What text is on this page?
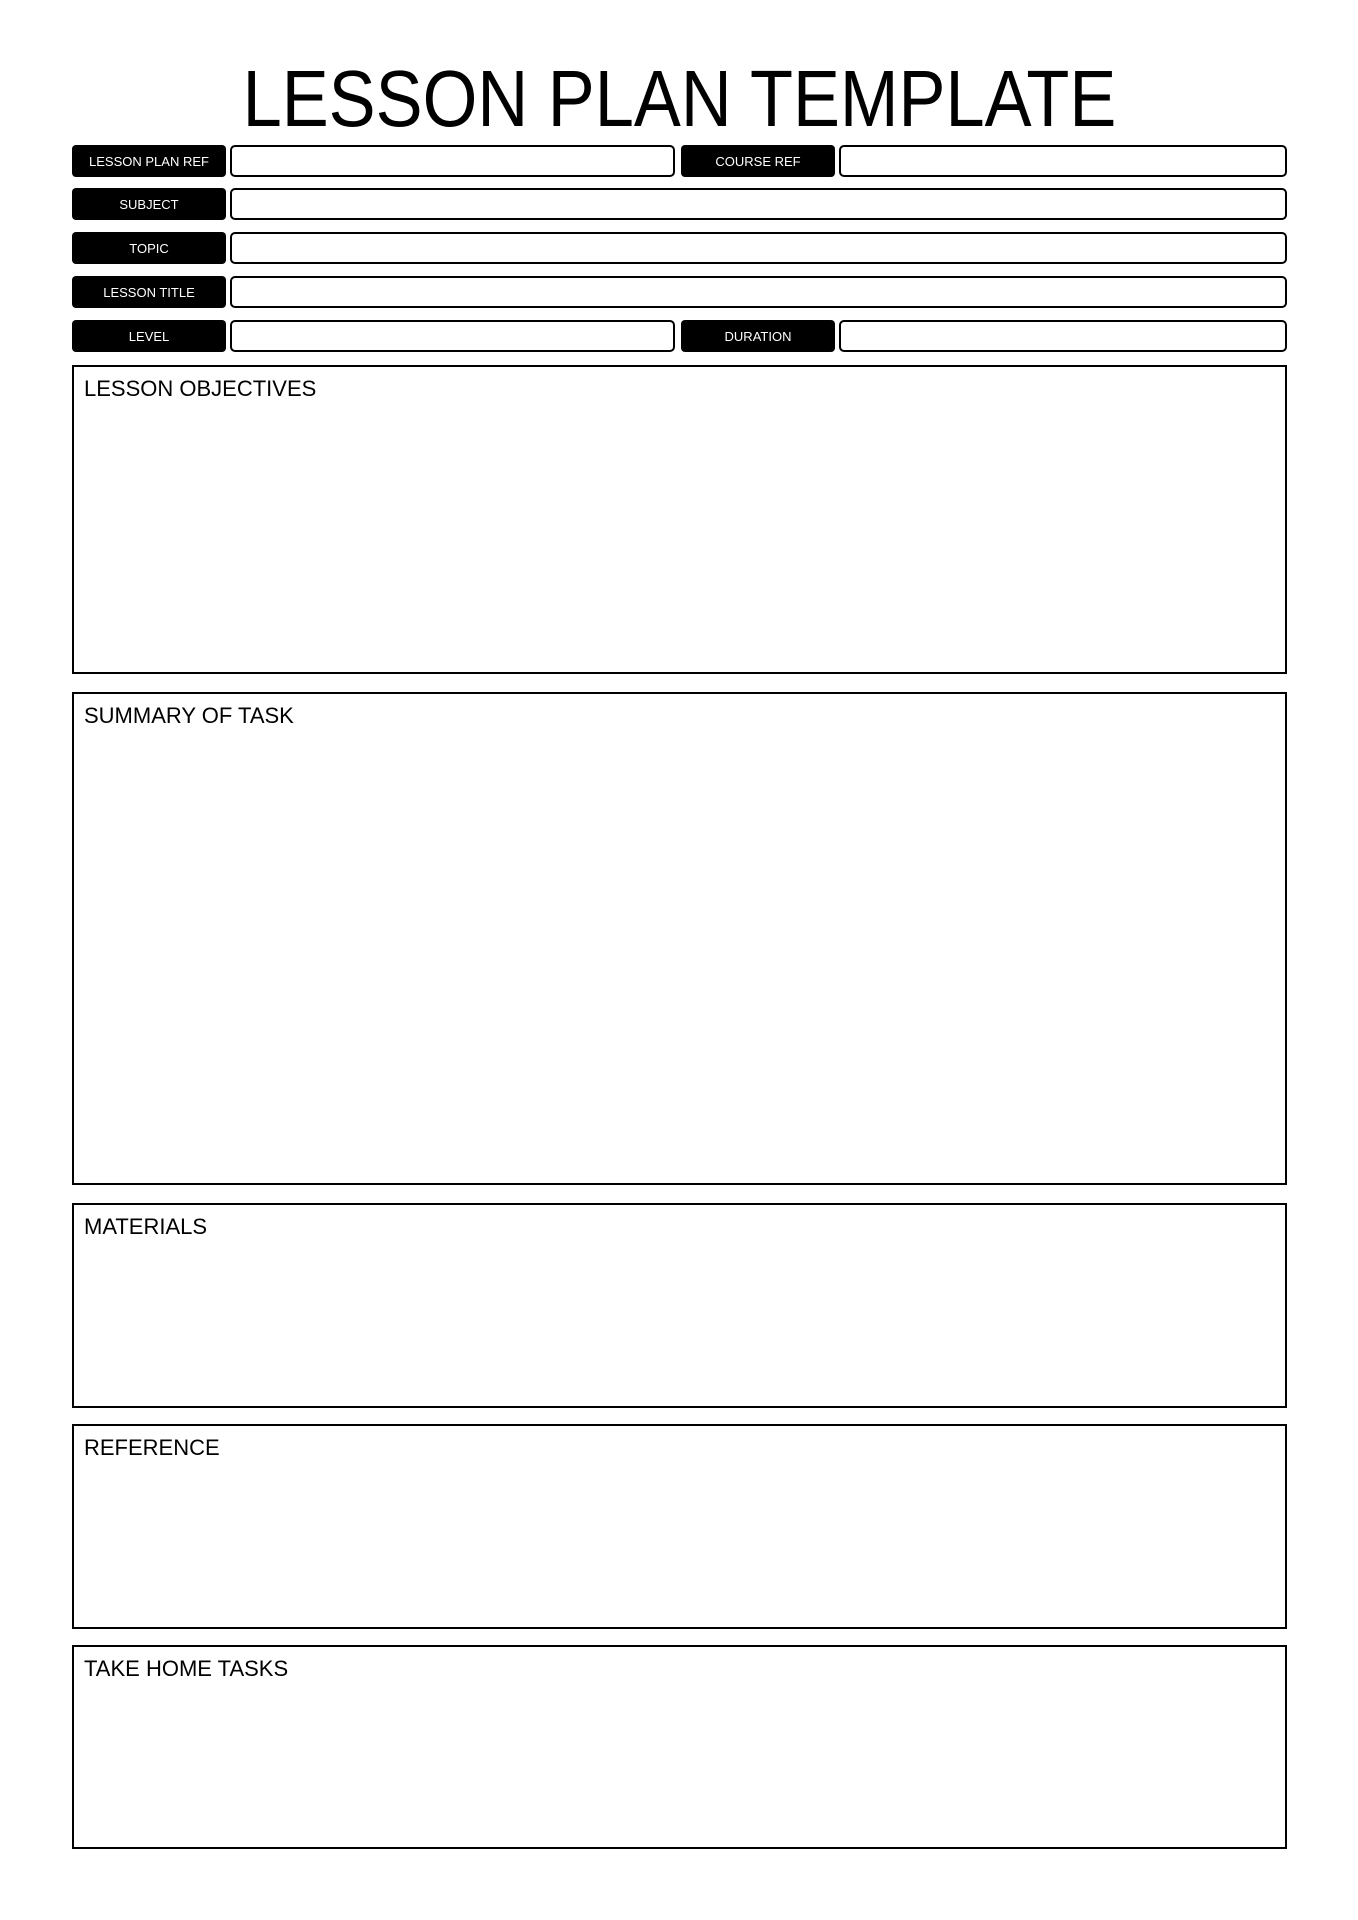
LESSON PLAN TEMPLATE
LESSON PLAN REF	COURSE REF
SUBJECT
TOPIC
LESSON TITLE
LEVEL	DURATION
LESSON OBJECTIVES
SUMMARY OF TASK
MATERIALS
REFERENCE
TAKE HOME TASKS
